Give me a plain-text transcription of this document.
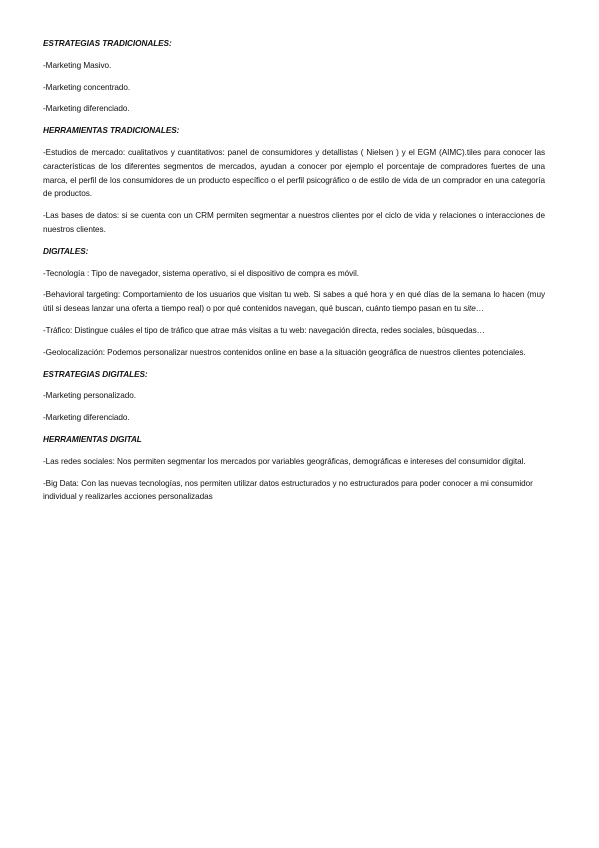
ESTRATEGIAS TRADICIONALES:
-Marketing Masivo.
-Marketing concentrado.
-Marketing diferenciado.
HERRAMIENTAS TRADICIONALES:
-Estudios de mercado: cualitativos y cuantitativos: panel de consumidores y detallistas ( Nielsen ) y el EGM (AIMC).tiles para conocer las características de los diferentes segmentos de mercados, ayudan a conocer por ejemplo el porcentaje de compradores fuertes de una marca, el perfil de los consumidores de un producto específico o el perfil psicográfico o de estilo de vida de un comprador en una categoría de productos.
-Las bases de datos: si se cuenta con un CRM permiten segmentar a nuestros clientes por el ciclo de vida y relaciones o interacciones de nuestros clientes.
DIGITALES:
-Tecnología : Tipo de navegador, sistema operativo, si el dispositivo de compra es móvil.
-Behavioral targeting: Comportamiento de los usuarios que visitan tu web. Si sabes a qué hora y en qué días de la semana lo hacen (muy útil si deseas lanzar una oferta a tiempo real) o por qué contenidos navegan, qué buscan, cuánto tiempo pasan en tu site…
-Tráfico: Distingue cuáles el tipo de tráfico que atrae más visitas a tu web: navegación directa, redes sociales, búsquedas…
-Geolocalización: Podemos personalizar nuestros contenidos online en base a la situación geográfica de nuestros clientes potenciales.
ESTRATEGIAS DIGITALES:
-Marketing personalizado.
-Marketing diferenciado.
HERRAMIENTAS DIGITAL
-Las redes sociales: Nos permiten segmentar los mercados por variables geográficas, demográficas e intereses del consumidor digital.
-Big Data: Con las nuevas tecnologías, nos permiten utilizar datos estructurados y no estructurados para poder conocer a mi consumidor individual y realizarles acciones personalizadas
